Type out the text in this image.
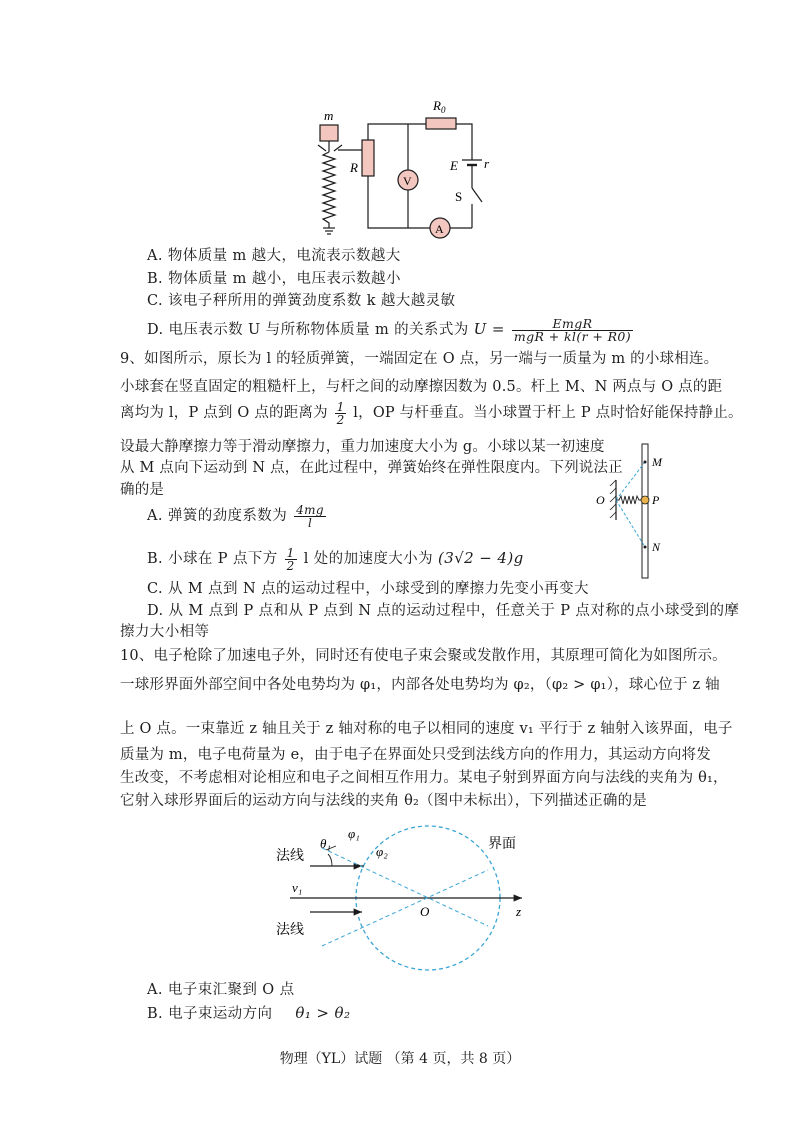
m
R
V
$R_0$
E r
S
A
A. 物体质量 m 越大，电流表示数越大
B. 物体质量 m 越小，电压表示数越小
C. 该电子秤所用的弹簧劲度系数 k 越大越灵敏
D. 电压表示数 U 与所称物体质量 m 的关系式为 $U = \frac{\text{EmgR}}{\text{mgR + kl(r + R0)}}$
9、如图所示，原长为 l 的轻质弹簧，一端固定在 O 点，另一端与一质量为 m 的小球相连。
小球套在竖直固定的粗糙杆上，与杆之间的动摩擦因数为 0.5。杆上 M、N 两点与 O 点的距
离均为 l，P 点到 O 点的距离为 $\frac{1}{2}$ l，OP 与杆垂直。当小球置于杆上 P 点时恰好能保持静止。
设最大静摩擦力等于滑动摩擦力，重力加速度大小为 g。小球以某一初速度
从 M 点向下运动到 N 点，在此过程中，弹簧始终在弹性限度内。下列说法正
确的是
A. 弹簧的劲度系数为 $\frac{4mg}{l}$
B. 小球在 P 点下方 $\frac{1}{2}$ l 处的加速度大小为 (3√2 − 4)g
C. 从 M 点到 N 点的运动过程中，小球受到的摩擦力先变小再变大
D. 从 M 点到 P 点和从 P 点到 N 点的运动过程中，任意关于 P 点对称的点小球受到的摩
擦力大小相等
M
O	P
N
10、电子枪除了加速电子外，同时还有使电子束会聚或发散作用，其原理可简化为如图所示。
一球形界面外部空间中各处电势均为 φ₁，内部各处电势均为 φ₂，（φ₂ > φ₁），球心位于 z 轴
上 O 点。一束靠近 z 轴且关于 z 轴对称的电子以相同的速度 v₁ 平行于 z 轴射入该界面，电子
质量为 m，电子电荷量为 e，由于电子在界面处只受到法线方向的作用力，其运动方向将发
生改变，不考虑相对论相应和电子之间相互作用力。某电子射到界面方向与法线的夹角为 θ₁，
它射入球形界面后的运动方向与法线的夹角 θ₂（图中未标出），下列描述正确的是
法线
法线
θ₁
φ₁
φ₂	界面
v₁
O	z
A. 电子束汇聚到 O 点
B. 电子束运动方向 θ₁ > θ₂
物理（YL）试题 （第 4 页，共 8 页）
